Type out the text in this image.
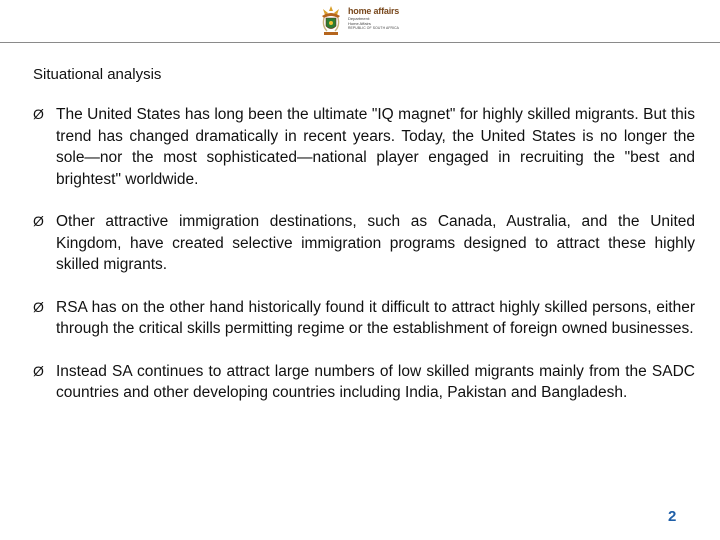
home affairs
Department:
Home Affairs
REPUBLIC OF SOUTH AFRICA
Situational analysis
Ø The United States has long been the ultimate "IQ magnet" for highly skilled migrants. But this trend has changed dramatically in recent years. Today, the United States is no longer the sole—nor the most sophisticated—national player engaged in recruiting the "best and brightest" worldwide.
Ø Other attractive immigration destinations, such as Canada, Australia, and the United Kingdom, have created selective immigration programs designed to attract these highly skilled migrants.
Ø RSA has on the other hand historically found it difficult to attract highly skilled persons, either through the critical skills permitting regime or the establishment of foreign owned businesses.
Ø Instead SA continues to attract large numbers of low skilled migrants mainly from the SADC countries and other developing countries including India, Pakistan and Bangladesh.
2
